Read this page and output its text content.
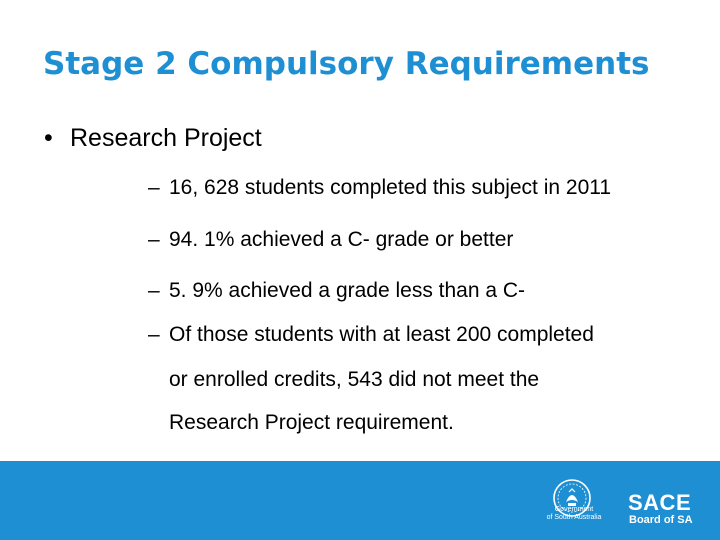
Stage 2 Compulsory Requirements
• Research Project
– 16, 628 students completed this subject in 2011
– 94. 1% achieved a C- grade or better
– 5. 9% achieved a grade less than a C-
– Of those students with at least 200 completed
or enrolled credits, 543 did not meet the
Research Project requirement.
Government
of South Australia
SACE
Board of SA
